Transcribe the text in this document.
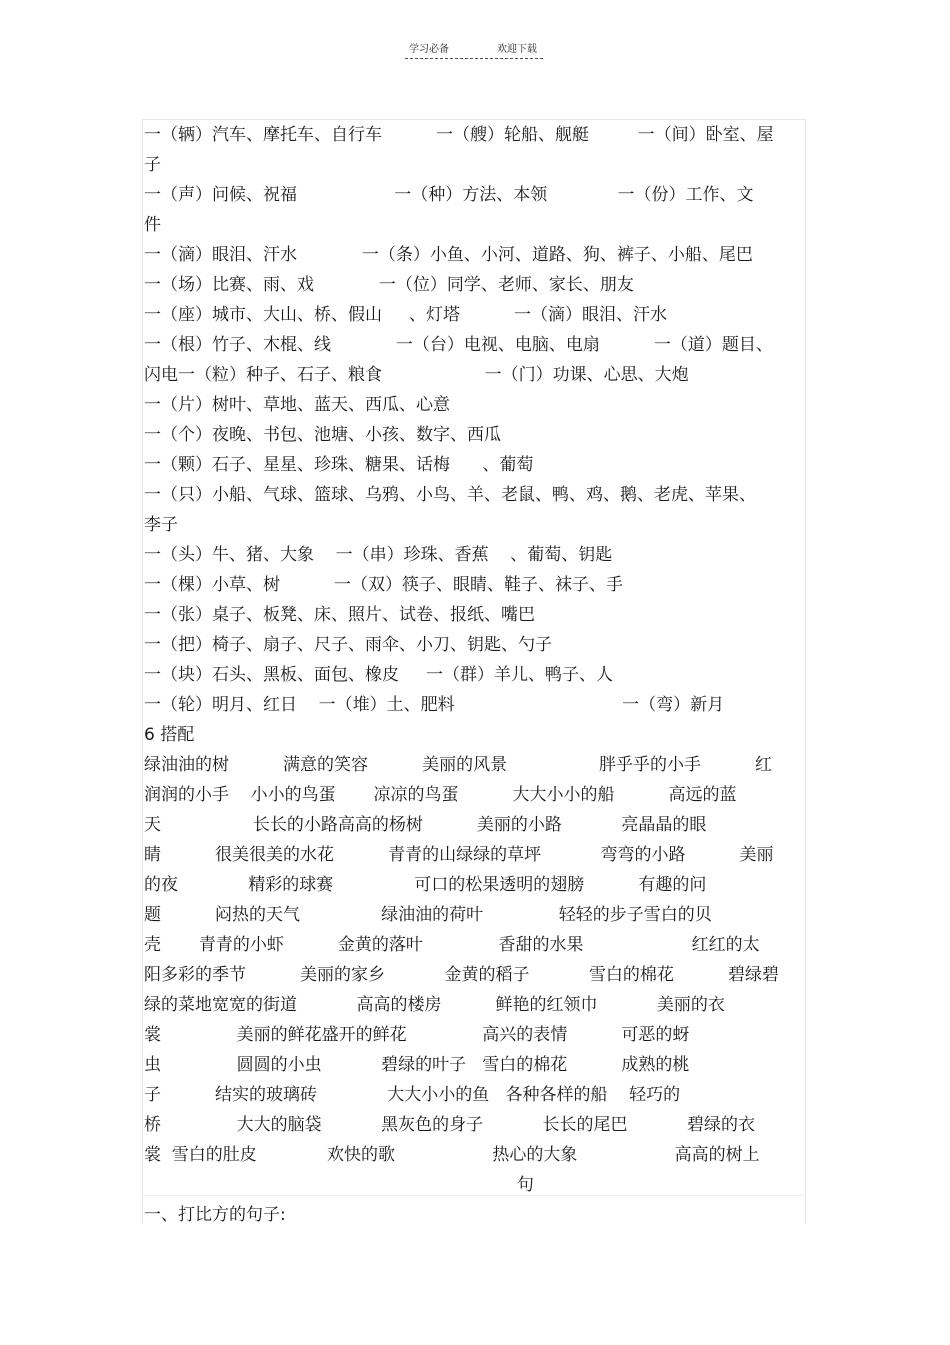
学习必备	欢迎下载
一（辆）汽车、摩托车、自行车          一（艘）轮船、舰艇         一（间）卧室、屋
子
一（声）问候、祝福                  一（种）方法、本领             一（份）工作、文
件
一（滴）眼泪、汗水            一（条）小鱼、小河、道路、狗、裤子、小船、尾巴
一（场）比赛、雨、戏            一（位）同学、老师、家长、朋友
一（座）城市、大山、桥、假山     、灯塔          一（滴）眼泪、汗水
一（根）竹子、木棍、线            一（台）电视、电脑、电扇          一（道）题目、
闪电一（粒）种子、石子、粮食                   一（门）功课、心思、大炮
一（片）树叶、草地、蓝天、西瓜、心意
一（个）夜晚、书包、池塘、小孩、数字、西瓜
一（颗）石子、星星、珍珠、糖果、话梅      、葡萄
一（只）小船、气球、篮球、乌鸦、小鸟、羊、老鼠、鸭、鸡、鹅、老虎、苹果、
李子
一（头）牛、猪、大象    一（串）珍珠、香蕉    、葡萄、钥匙
一（棵）小草、树          一（双）筷子、眼睛、鞋子、袜子、手
一（张）桌子、板凳、床、照片、试卷、报纸、嘴巴
一（把）椅子、扇子、尺子、雨伞、小刀、钥匙、勺子
一（块）石头、黑板、面包、橡皮     一（群）羊儿、鸭子、人
一（轮）明月、红日    一（堆）土、肥料                               一（弯）新月
6 搭配
绿油油的树          满意的笑容          美丽的风景                 胖乎乎的小手          红
润润的小手    小小的鸟蛋       凉凉的鸟蛋          大大小小的船          高远的蓝
天                 长长的小路高高的杨树          美丽的小路           亮晶晶的眼
睛          很美很美的水花          青青的山绿绿的草坪           弯弯的小路          美丽
的夜             精彩的球赛               可口的松果透明的翅膀          有趣的问
题          闷热的天气               绿油油的荷叶              轻轻的步子雪白的贝
壳       青青的小虾          金黄的落叶              香甜的水果                    红红的太
阳多彩的季节          美丽的家乡           金黄的稻子           雪白的棉花          碧绿碧
绿的菜地宽宽的街道           高高的楼房          鲜艳的红领巾           美丽的衣
裳              美丽的鲜花盛开的鲜花              高兴的表情          可恶的蚜
虫              圆圆的小虫           碧绿的叶子   雪白的棉花          成熟的桃
子          结实的玻璃砖             大大小小的鱼   各种各样的船    轻巧的
桥              大大的脑袋           黑灰色的身子           长长的尾巴           碧绿的衣
裳  雪白的肚皮             欢快的歌                  热心的大象                  高高的树上
句
一、打比方的句子:
